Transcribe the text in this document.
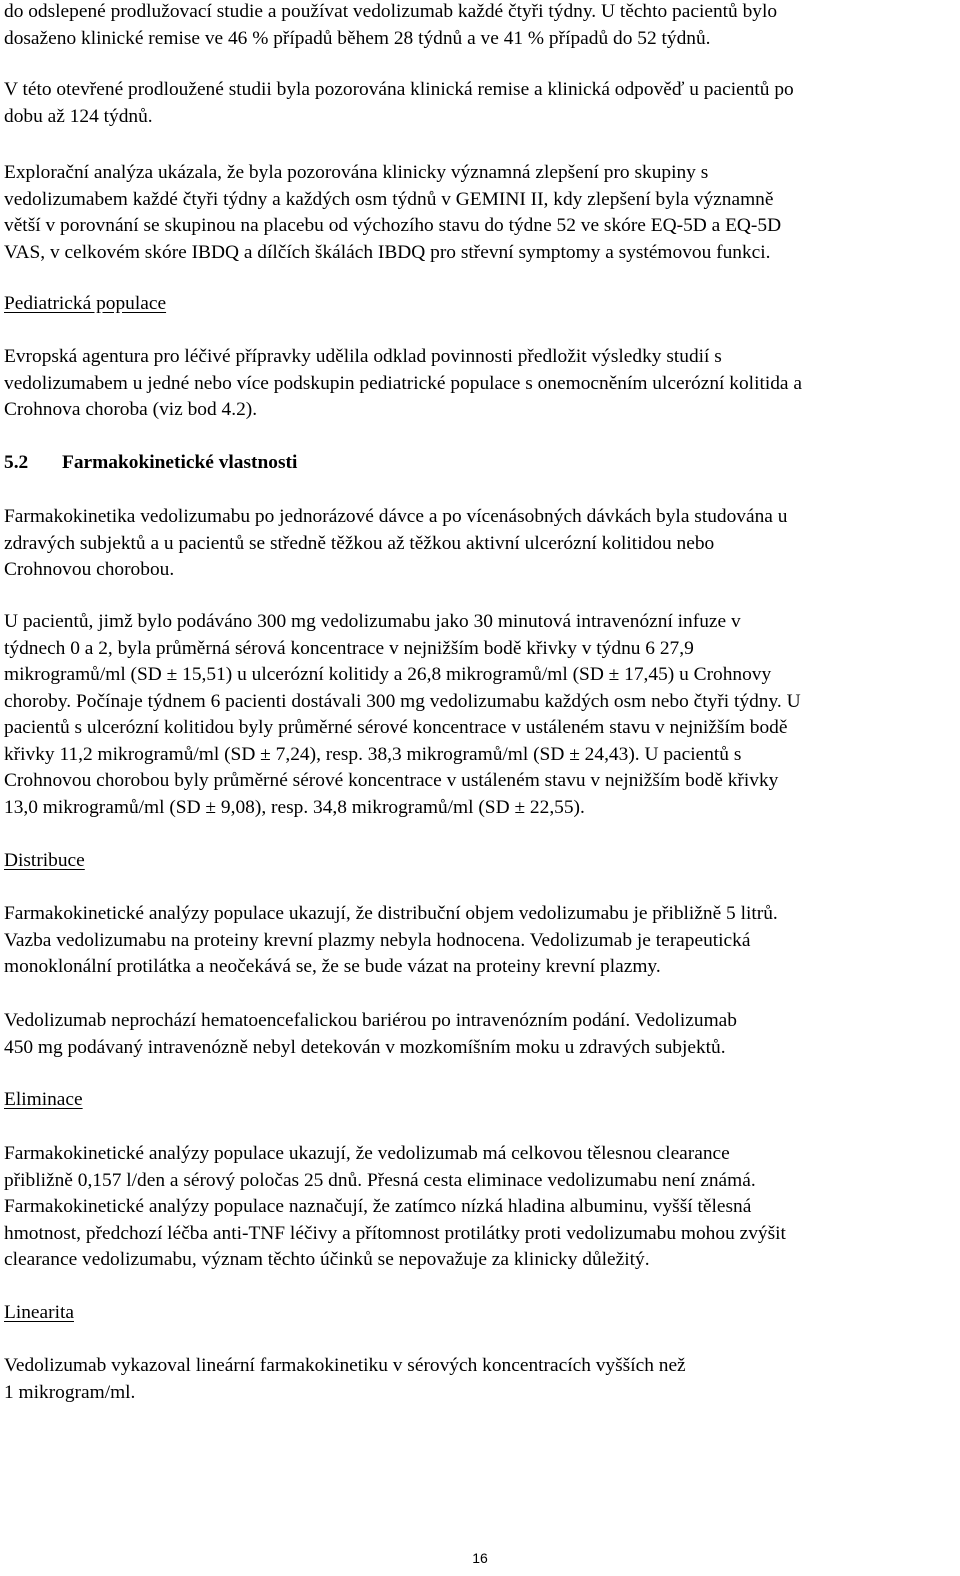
do odslepené prodlužovací studie a používat vedolizumab každé čtyři týdny. U těchto pacientů bylo
dosaženo klinické remise ve 46 % případů během 28 týdnů a ve 41 % případů do 52 týdnů.
V této otevřené prodloužené studii byla pozorována klinická remise a klinická odpověď u pacientů po
dobu až 124 týdnů.
Explorační analýza ukázala, že byla pozorována klinicky významná zlepšení pro skupiny s
vedolizumabem každé čtyři týdny a každých osm týdnů v GEMINI II, kdy zlepšení byla významně
větší v porovnání se skupinou na placebu od výchozího stavu do týdne 52 ve skóre EQ-5D a EQ-5D
VAS, v celkovém skóre IBDQ a dílčích škálách IBDQ pro střevní symptomy a systémovou funkci.
Pediatrická populace
Evropská agentura pro léčivé přípravky udělila odklad povinnosti předložit výsledky studií s
vedolizumabem u jedné nebo více podskupin pediatrické populace s onemocněním ulcerózní kolitida a
Crohnova choroba (viz bod 4.2).
5.2 Farmakokinetické vlastnosti
Farmakokinetika vedolizumabu po jednorázové dávce a po vícenásobných dávkách byla studována u
zdravých subjektů a u pacientů se středně těžkou až těžkou aktivní ulcerózní kolitidou nebo
Crohnovou chorobou.
U pacientů, jimž bylo podáváno 300 mg vedolizumabu jako 30 minutová intravenózní infuze v
týdnech 0 a 2, byla průměrná sérová koncentrace v nejnižším bodě křivky v týdnu 6 27,9
mikrogramů/ml (SD ± 15,51) u ulcerózní kolitidy a 26,8 mikrogramů/ml (SD ± 17,45) u Crohnovy
choroby. Počínaje týdnem 6 pacienti dostávali 300 mg vedolizumabu každých osm nebo čtyři týdny. U
pacientů s ulcerózní kolitidou byly průměrné sérové koncentrace v ustáleném stavu v nejnižším bodě
křivky 11,2 mikrogramů/ml (SD ± 7,24), resp. 38,3 mikrogramů/ml (SD ± 24,43). U pacientů s
Crohnovou chorobou byly průměrné sérové koncentrace v ustáleném stavu v nejnižším bodě křivky
13,0 mikrogramů/ml (SD ± 9,08), resp. 34,8 mikrogramů/ml (SD ± 22,55).
Distribuce
Farmakokinetické analýzy populace ukazují, že distribuční objem vedolizumabu je přibližně 5 litrů.
Vazba vedolizumabu na proteiny krevní plazmy nebyla hodnocena. Vedolizumab je terapeutická
monoklonální protilátka a neočekává se, že se bude vázat na proteiny krevní plazmy.
Vedolizumab neprochází hematoencefalickou bariérou po intravenózním podání. Vedolizumab
450 mg podávaný intravenózně nebyl detekován v mozkomíšním moku u zdravých subjektů.
Eliminace
Farmakokinetické analýzy populace ukazují, že vedolizumab má celkovou tělesnou clearance
přibližně 0,157 l/den a sérový poločas 25 dnů. Přesná cesta eliminace vedolizumabu není známá.
Farmakokinetické analýzy populace naznačují, že zatímco nízká hladina albuminu, vyšší tělesná
hmotnost, předchozí léčba anti-TNF léčivy a přítomnost protilátky proti vedolizumabu mohou zvýšit
clearance vedolizumabu, význam těchto účinků se nepovažuje za klinicky důležitý.
Linearita
Vedolizumab vykazoval lineární farmakokinetiku v sérových koncentracích vyšších než
1 mikrogram/ml.
16
